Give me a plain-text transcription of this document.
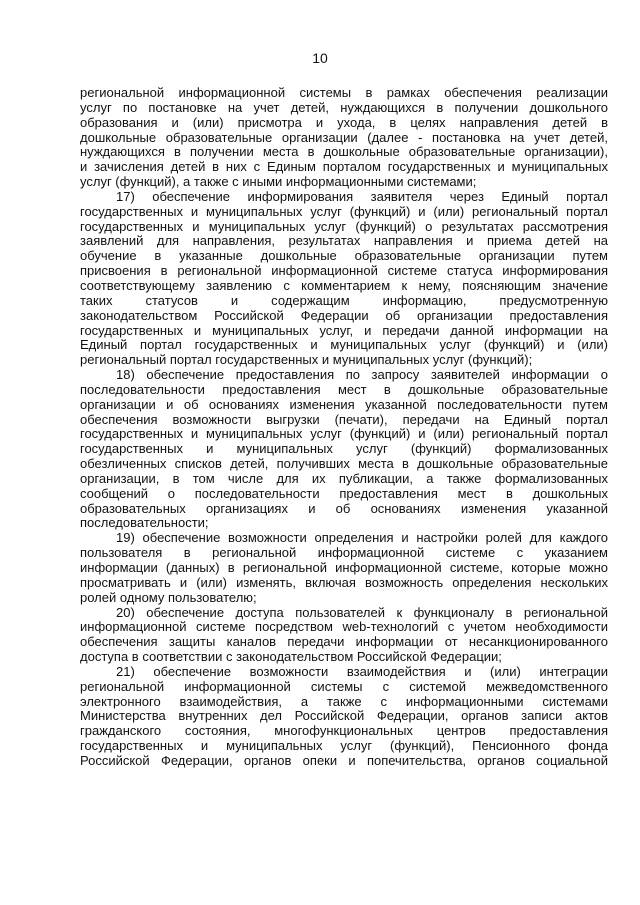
10
региональной информационной системы в рамках обеспечения реализации
услуг по постановке на учет детей, нуждающихся в получении дошкольного
образования и (или) присмотра и ухода, в целях направления детей в
дошкольные образовательные организации (далее - постановка на учет детей,
нуждающихся в получении места в дошкольные образовательные организации),
и зачисления детей в них с Единым порталом государственных и муниципальных
услуг (функций), а также с иными информационными системами;
17) обеспечение информирования заявителя через Единый портал
государственных и муниципальных услуг (функций) и (или) региональный портал
государственных и муниципальных услуг (функций) о результатах рассмотрения
заявлений для направления, результатах направления и приема детей на
обучение в указанные дошкольные образовательные организации путем
присвоения в региональной информационной системе статуса информирования
соответствующему заявлению с комментарием к нему, поясняющим значение
таких статусов и содержащим информацию, предусмотренную
законодательством Российской Федерации об организации предоставления
государственных и муниципальных услуг, и передачи данной информации на
Единый портал государственных и муниципальных услуг (функций) и (или)
региональный портал государственных и муниципальных услуг (функций);
18) обеспечение предоставления по запросу заявителей информации о
последовательности предоставления мест в дошкольные образовательные
организации и об основаниях изменения указанной последовательности путем
обеспечения возможности выгрузки (печати), передачи на Единый портал
государственных и муниципальных услуг (функций) и (или) региональный портал
государственных и муниципальных услуг (функций) формализованных
обезличенных списков детей, получивших места в дошкольные образовательные
организации, в том числе для их публикации, а также формализованных
сообщений о последовательности предоставления мест в дошкольных
образовательных организациях и об основаниях изменения указанной
последовательности;
19) обеспечение возможности определения и настройки ролей для каждого
пользователя в региональной информационной системе с указанием
информации (данных) в региональной информационной системе, которые можно
просматривать и (или) изменять, включая возможность определения нескольких
ролей одному пользователю;
20) обеспечение доступа пользователей к функционалу в региональной
информационной системе посредством web-технологий с учетом необходимости
обеспечения защиты каналов передачи информации от несанкционированного
доступа в соответствии с законодательством Российской Федерации;
21) обеспечение возможности взаимодействия и (или) интеграции
региональной информационной системы с системой межведомственного
электронного взаимодействия, а также с информационными системами
Министерства внутренних дел Российской Федерации, органов записи актов
гражданского состояния, многофункциональных центров предоставления
государственных и муниципальных услуг (функций), Пенсионного фонда
Российской Федерации, органов опеки и попечительства, органов социальной
